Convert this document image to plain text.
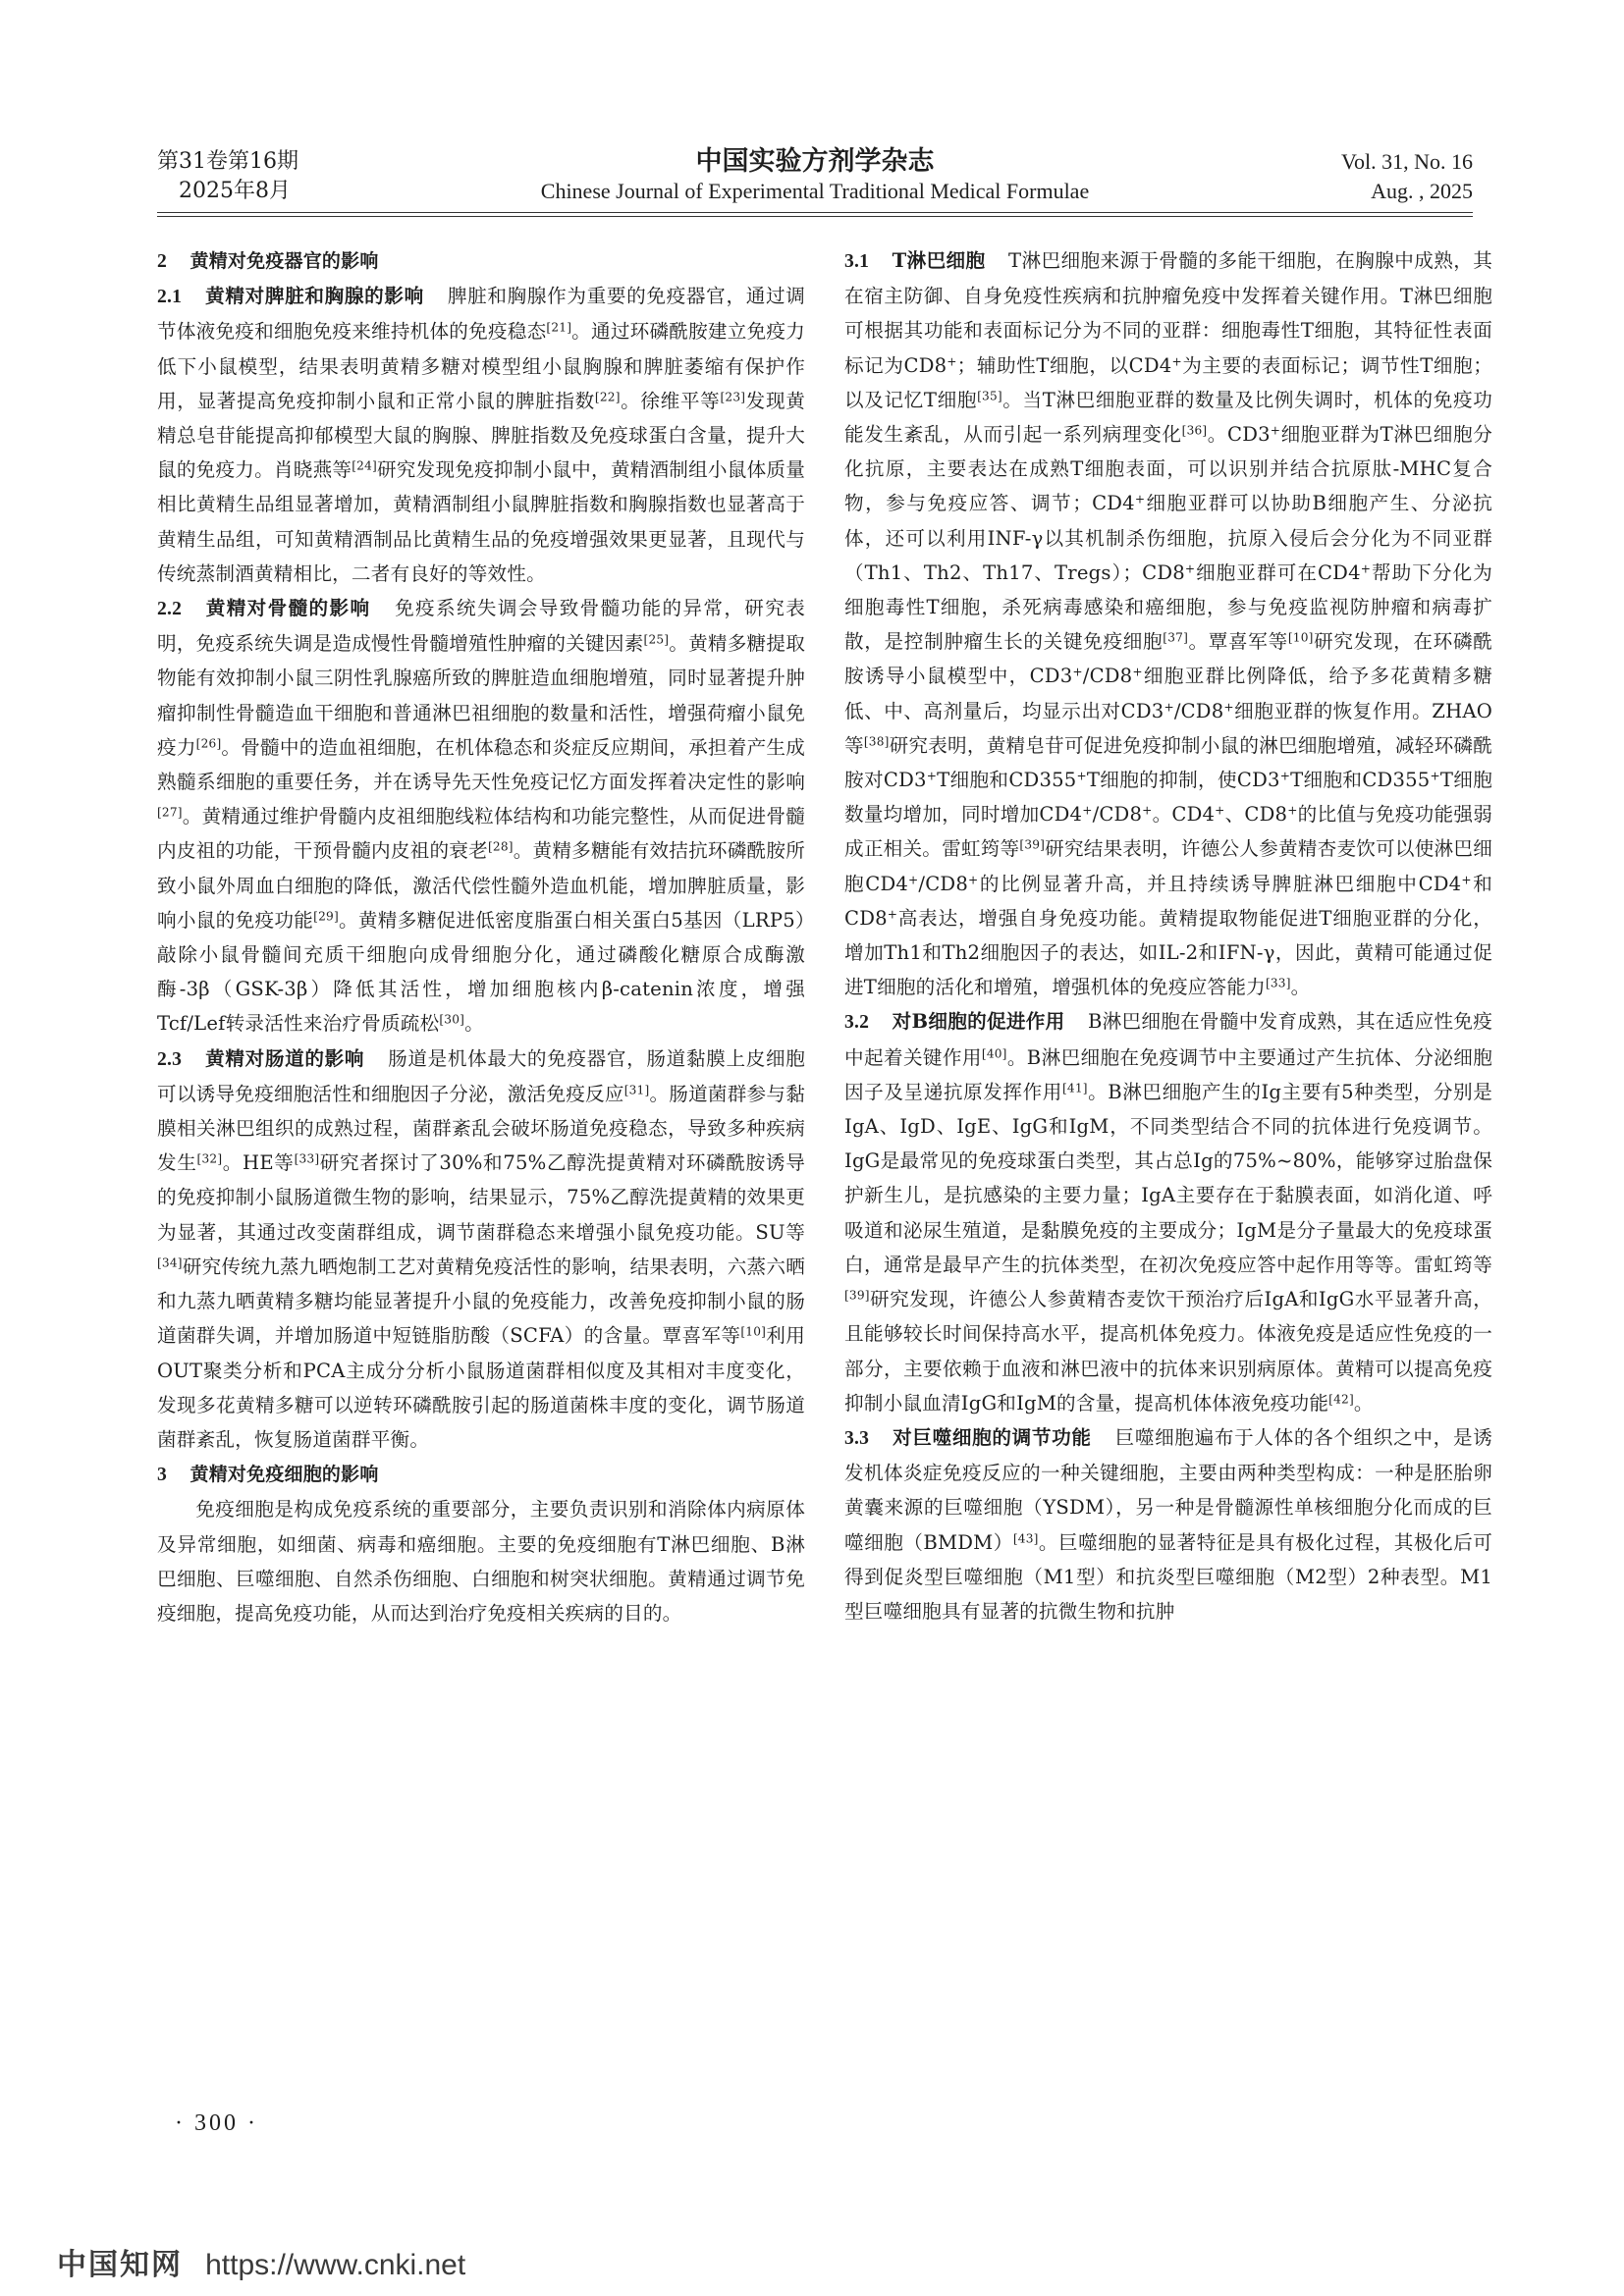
第31卷第16期
2025年8月
中国实验方剂学杂志
Chinese Journal of Experimental Traditional Medical Formulae
Vol. 31, No. 16
Aug. , 2025

2 黄精对免疫器官的影响

2.1 黄精对脾脏和胸腺的影响 脾脏和胸腺作为重要的免疫器官，通过调节体液免疫和细胞免疫来维持机体的免疫稳态[21]。通过环磷酰胺建立免疫力低下小鼠模型，结果表明黄精多糖对模型组小鼠胸腺和脾脏萎缩有保护作用，显著提高免疫抑制小鼠和正常小鼠的脾脏指数[22]。徐维平等[23]发现黄精总皂苷能提高抑郁模型大鼠的胸腺、脾脏指数及免疫球蛋白含量，提升大鼠的免疫力。肖晓燕等[24]研究发现免疫抑制小鼠中，黄精酒制组小鼠体质量相比黄精生品组显著增加，黄精酒制组小鼠脾脏指数和胸腺指数也显著高于黄精生品组，可知黄精酒制品比黄精生品的免疫增强效果更显著，且现代与传统蒸制酒黄精相比，二者有良好的等效性。

2.2 黄精对骨髓的影响 免疫系统失调会导致骨髓功能的异常，研究表明，免疫系统失调是造成慢性骨髓增殖性肿瘤的关键因素[25]。黄精多糖提取物能有效抑制小鼠三阴性乳腺癌所致的脾脏造血细胞增殖，同时显著提升肿瘤抑制性骨髓造血干细胞和普通淋巴祖细胞的数量和活性，增强荷瘤小鼠免疫力[26]。骨髓中的造血祖细胞，在机体稳态和炎症反应期间，承担着产生成熟髓系细胞的重要任务，并在诱导先天性免疫记忆方面发挥着决定性的影响[27]。黄精通过维护骨髓内皮祖细胞线粒体结构和功能完整性，从而促进骨髓内皮祖的功能，干预骨髓内皮祖的衰老[28]。黄精多糖能有效拮抗环磷酰胺所致小鼠外周血白细胞的降低，激活代偿性髓外造血机能，增加脾脏质量，影响小鼠的免疫功能[29]。黄精多糖促进低密度脂蛋白相关蛋白5基因（LRP5）敲除小鼠骨髓间充质干细胞向成骨细胞分化，通过磷酸化糖原合成酶激酶-3β（GSK-3β）降低其活性，增加细胞核内β-catenin浓度，增强Tcf/Lef转录活性来治疗骨质疏松[30]。

2.3 黄精对肠道的影响 肠道是机体最大的免疫器官，肠道黏膜上皮细胞可以诱导免疫细胞活性和细胞因子分泌，激活免疫反应[31]。肠道菌群参与黏膜相关淋巴组织的成熟过程，菌群紊乱会破坏肠道免疫稳态，导致多种疾病发生[32]。HE等[33]研究者探讨了30%和75%乙醇洗提黄精对环磷酰胺诱导的免疫抑制小鼠肠道微生物的影响，结果显示，75%乙醇洗提黄精的效果更为显著，其通过改变菌群组成，调节菌群稳态来增强小鼠免疫功能。SU等[34]研究传统九蒸九晒炮制工艺对黄精免疫活性的影响，结果表明，六蒸六晒和九蒸九晒黄精多糖均能显著提升小鼠的免疫能力，改善免疫抑制小鼠的肠道菌群失调，并增加肠道中短链脂肪酸（SCFA）的含量。覃喜军等[10]利用OUT聚类分析和PCA主成分分析小鼠肠道菌群相似度及其相对丰度变化，发现多花黄精多糖可以逆转环磷酰胺引起的肠道菌株丰度的变化，调节肠道菌群紊乱，恢复肠道菌群平衡。

3 黄精对免疫细胞的影响

免疫细胞是构成免疫系统的重要部分，主要负责识别和消除体内病原体及异常细胞，如细菌、病毒和癌细胞。主要的免疫细胞有T淋巴细胞、B淋巴细胞、巨噬细胞、自然杀伤细胞、白细胞和树突状细胞。黄精通过调节免疫细胞，提高免疫功能，从而达到治疗免疫相关疾病的目的。

3.1 T淋巴细胞 T淋巴细胞来源于骨髓的多能干细胞，在胸腺中成熟，其在宿主防御、自身免疫性疾病和抗肿瘤免疫中发挥着关键作用。T淋巴细胞可根据其功能和表面标记分为不同的亚群：细胞毒性T细胞，其特征性表面标记为CD8+；辅助性T细胞，以CD4+为主要的表面标记；调节性T细胞；以及记忆T细胞[35]。当T淋巴细胞亚群的数量及比例失调时，机体的免疫功能发生紊乱，从而引起一系列病理变化[36]。CD3+细胞亚群为T淋巴细胞分化抗原，主要表达在成熟T细胞表面，可以识别并结合抗原肽-MHC复合物，参与免疫应答、调节；CD4+细胞亚群可以协助B细胞产生、分泌抗体，还可以利用INF-γ以其机制杀伤细胞，抗原入侵后会分化为不同亚群（Th1、Th2、Th17、Tregs）；CD8+细胞亚群可在CD4+帮助下分化为细胞毒性T细胞，杀死病毒感染和癌细胞，参与免疫监视防肿瘤和病毒扩散，是控制肿瘤生长的关键免疫细胞[37]。覃喜军等[10]研究发现，在环磷酰胺诱导小鼠模型中，CD3+/CD8+细胞亚群比例降低，给予多花黄精多糖低、中、高剂量后，均显示出对CD3+/CD8+细胞亚群的恢复作用。ZHAO等[38]研究表明，黄精皂苷可促进免疫抑制小鼠的淋巴细胞增殖，减轻环磷酰胺对CD3+T细胞和CD355+T细胞的抑制，使CD3+T细胞和CD355+T细胞数量均增加，同时增加CD4+/CD8+。CD4+、CD8+的比值与免疫功能强弱成正相关。雷虹筠等[39]研究结果表明，许德公人参黄精杏麦饮可以使淋巴细胞CD4+/CD8+的比例显著升高，并且持续诱导脾脏淋巴细胞中CD4+和CD8+高表达，增强自身免疫功能。黄精提取物能促进T细胞亚群的分化，增加Th1和Th2细胞因子的表达，如IL-2和IFN-γ，因此，黄精可能通过促进T细胞的活化和增殖，增强机体的免疫应答能力[33]。

3.2 对B细胞的促进作用 B淋巴细胞在骨髓中发育成熟，其在适应性免疫中起着关键作用[40]。B淋巴细胞在免疫调节中主要通过产生抗体、分泌细胞因子及呈递抗原发挥作用[41]。B淋巴细胞产生的Ig主要有5种类型，分别是IgA、IgD、IgE、IgG和IgM，不同类型结合不同的抗体进行免疫调节。IgG是最常见的免疫球蛋白类型，其占总Ig的75%~80%，能够穿过胎盘保护新生儿，是抗感染的主要力量；IgA主要存在于黏膜表面，如消化道、呼吸道和泌尿生殖道，是黏膜免疫的主要成分；IgM是分子量最大的免疫球蛋白，通常是最早产生的抗体类型，在初次免疫应答中起作用等等。雷虹筠等[39]研究发现，许德公人参黄精杏麦饮干预治疗后IgA和IgG水平显著升高，且能够较长时间保持高水平，提高机体免疫力。体液免疫是适应性免疫的一部分，主要依赖于血液和淋巴液中的抗体来识别病原体。黄精可以提高免疫抑制小鼠血清IgG和IgM的含量，提高机体体液免疫功能[42]。

3.3 对巨噬细胞的调节功能 巨噬细胞遍布于人体的各个组织之中，是诱发机体炎症免疫反应的一种关键细胞，主要由两种类型构成：一种是胚胎卵黄囊来源的巨噬细胞（YSDM），另一种是骨髓源性单核细胞分化而成的巨噬细胞（BMDM）[43]。巨噬细胞的显著特征是具有极化过程，其极化后可得到促炎型巨噬细胞（M1型）和抗炎型巨噬细胞（M2型）2种表型。M1型巨噬细胞具有显著的抗微生物和抗肿

· 300 ·
中国知网 https://www.cnki.net
